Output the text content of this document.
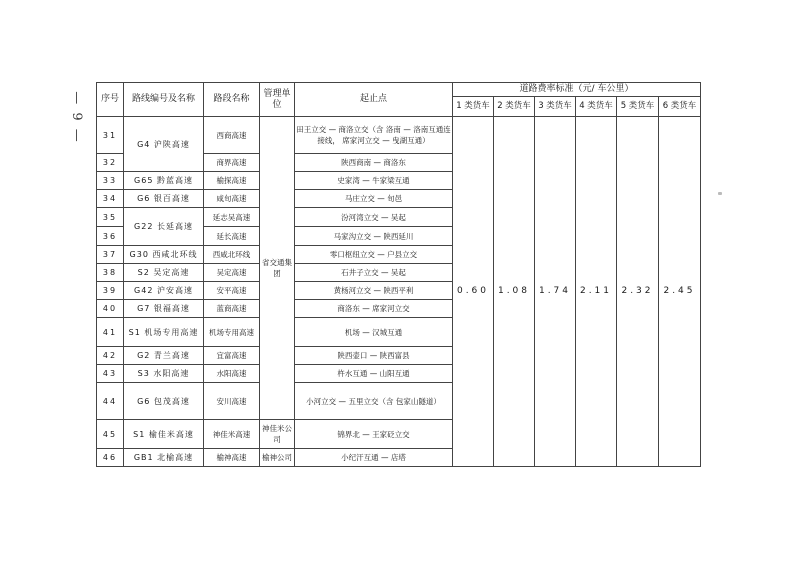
— 9 — 序号	路线编号及名称	路段名称	管理单位	起止点	道路费率标准（元/ 车公里）					
					1 类货车	2 类货车	3 类货车	4 类货车	5 类货车	6 类货车
31	G4 沪陕高速	西商高速	省交通集团	田王立交 — 商洛立交（含 洛南 — 洛南互通连接线， 席家河立交 — 曳湖互通）	0.60	1.08	1.74	2.11	2.32	2.45
32		商界高速		陕西商南 — 商洛东						
33	G65 黔蓝高速	榆探高速		史家湾 — 牛家梁互通						
34	G6 银百高速	咸旬高速		马庄立交 — 旬邑						
35	G22 长延高速	延志吴高速		汾河湾立交 — 吴起						
36		延长高速		马家沟立交 — 陕西延川						
37	G30 西咸北环线	西咸北环线		零口枢纽立交 — 户县立交						
38	S2 吴定高速	吴定高速		石井子立交 — 吴起						
39	G42 沪安高速	安平高速		黄杨河立交 — 陕西平利						
40	G7 银福高速	蓝商高速		商洛东 — 席家河立交						
41	S1 机场专用高速	机场专用高速		机场 — 汉城互通						
42	G2 青兰高速	宜富高速		陕西壶口 — 陕西富县						
43	S3 水阳高速	水阳高速		杵水互通 — 山阳互通						
44	G6 包茂高速	安川高速		小河立交 — 五里立交（含 包家山隧道）						
45	S1 榆佳米高速	神佳米高速	神佳米公司	锦界北 — 王家砭立交						
46	GB1 北榆高速	榆神高速	榆神公司	小纪汗互通 — 店塔						
